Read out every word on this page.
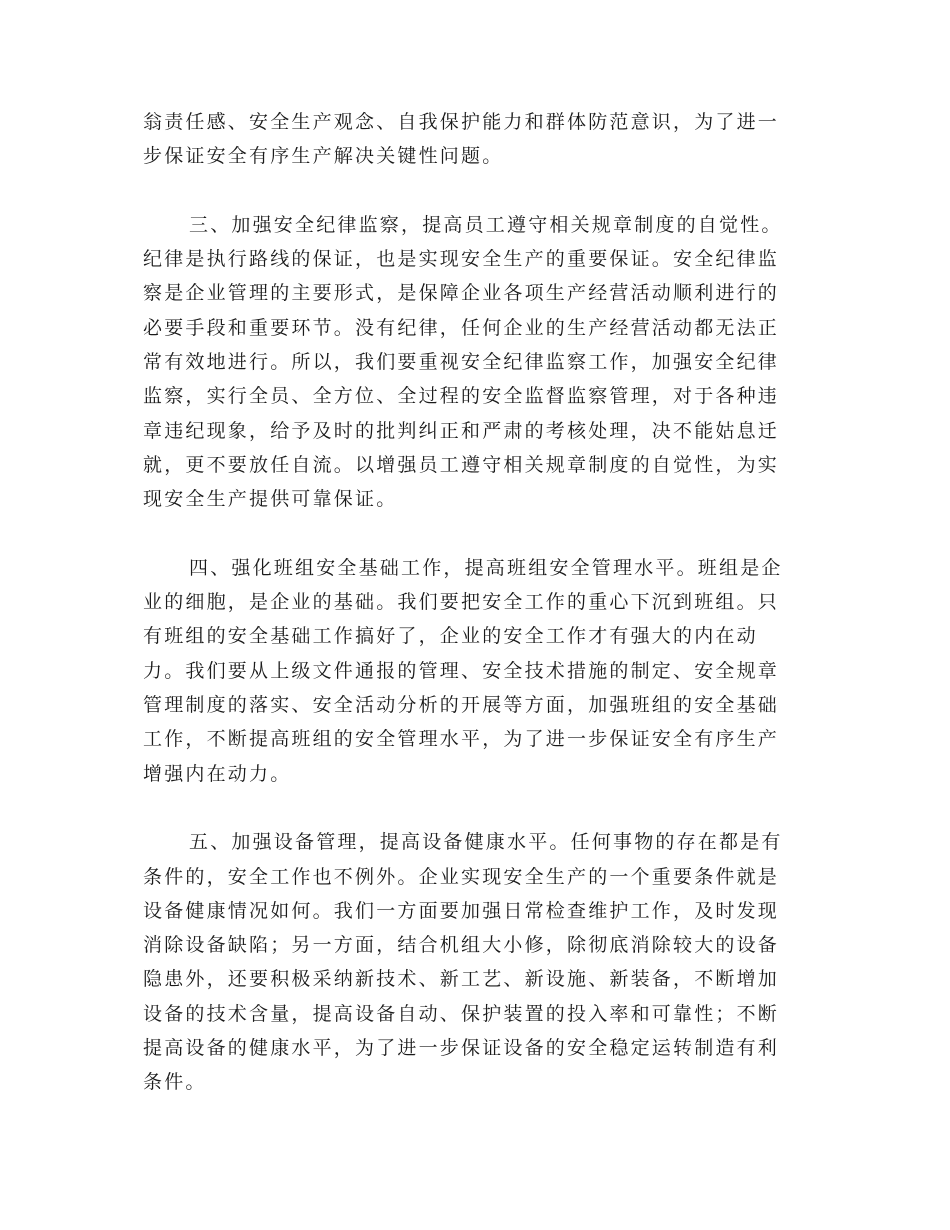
翁责任感、安全生产观念、自我保护能力和群体防范意识，为了进一
步保证安全有序生产解决关键性问题。
三、加强安全纪律监察，提高员工遵守相关规章制度的自觉性。
纪律是执行路线的保证，也是实现安全生产的重要保证。安全纪律监
察是企业管理的主要形式，是保障企业各项生产经营活动顺利进行的
必要手段和重要环节。没有纪律，任何企业的生产经营活动都无法正
常有效地进行。所以，我们要重视安全纪律监察工作，加强安全纪律
监察，实行全员、全方位、全过程的安全监督监察管理，对于各种违
章违纪现象，给予及时的批判纠正和严肃的考核处理，决不能姑息迁
就，更不要放任自流。以增强员工遵守相关规章制度的自觉性，为实
现安全生产提供可靠保证。
四、强化班组安全基础工作，提高班组安全管理水平。班组是企
业的细胞，是企业的基础。我们要把安全工作的重心下沉到班组。只
有班组的安全基础工作搞好了，企业的安全工作才有强大的内在动
力。我们要从上级文件通报的管理、安全技术措施的制定、安全规章
管理制度的落实、安全活动分析的开展等方面，加强班组的安全基础
工作，不断提高班组的安全管理水平，为了进一步保证安全有序生产
增强内在动力。
五、加强设备管理，提高设备健康水平。任何事物的存在都是有
条件的，安全工作也不例外。企业实现安全生产的一个重要条件就是
设备健康情况如何。我们一方面要加强日常检查维护工作，及时发现
消除设备缺陷；另一方面，结合机组大小修，除彻底消除较大的设备
隐患外，还要积极采纳新技术、新工艺、新设施、新装备，不断增加
设备的技术含量，提高设备自动、保护装置的投入率和可靠性；不断
提高设备的健康水平，为了进一步保证设备的安全稳定运转制造有利
条件。
